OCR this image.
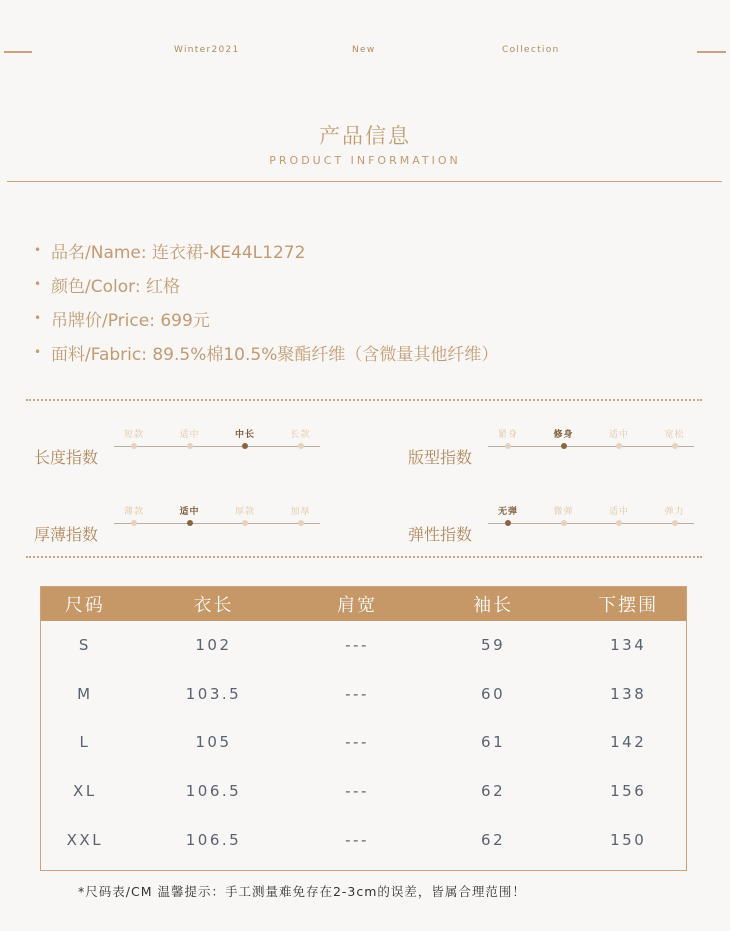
Winter2021	New	Collection
产品信息
PRODUCT INFORMATION
• 品名/Name: 连衣裙-KE44L1272
• 颜色/Color: 红格
• 吊牌价/Price: 699元
• 面料/Fabric: 89.5%棉10.5%聚酯纤维（含微量其他纤维）
长度指数
短款	适中	中长	长款
版型指数
紧身	修身	适中	宽松
厚薄指数
薄款	适中	厚款	加厚
弹性指数
无弹	微弹	适中	弹力
尺码	衣长	肩宽	袖长	下摆围
S	102	---	59	134
M	103.5	---	60	138
L	105	---	61	142
XL	106.5	---	62	156
XXL	106.5	---	62	150
*尺码表/CM 温馨提示：手工测量难免存在2-3cm的误差，皆属合理范围！
